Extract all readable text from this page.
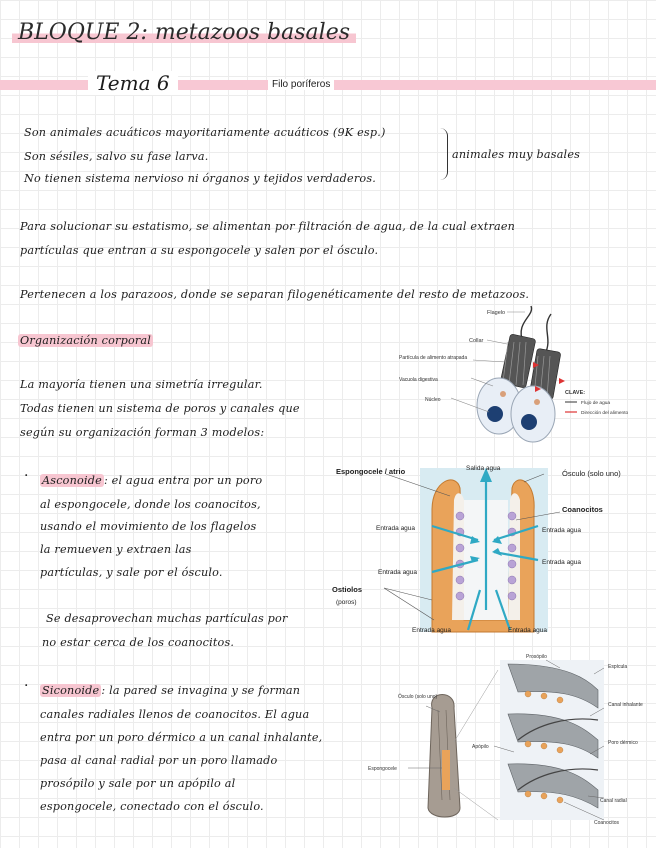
BLOQUE 2: metazoos basales
Tema 6	Filo poríferos
Son animales acuáticos mayoritariamente acuáticos (9K esp.)
Son sésiles, salvo su fase larva.
No tienen sistema nervioso ni órganos y tejidos verdaderos.
animales muy basales
Para solucionar su estatismo, se alimentan por filtración de agua, de la cual extraen
partículas que entran a su espongocele y salen por el ósculo.
Pertenecen a los parazoos, donde se separan filogenéticamente del resto de metazoos.
Organización corporal
La mayoría tienen una simetría irregular.
Todas tienen un sistema de poros y canales que
según su organización forman 3 modelos:
· Asconoide : el agua entra por un poro
al espongocele, donde los coanocitos,
usando el movimiento de los flagelos
la remueven y extraen las
partículas, y sale por el ósculo.
Se desaprovechan muchas partículas por
no estar cerca de los coanocitos.
· Siconoide : la pared se invagina y se forman
canales radiales llenos de coanocitos. El agua
entra por un poro dérmico a un canal inhalante,
pasa al canal radial por un poro llamado
prosópilo y sale por un apópilo al
espongocele, conectado con el ósculo.
Flagelo
Collar
Partícula de alimento atrapada
Vacuola digestiva
Núcleo
CLAVE:
Flujo de agua
Dirección del alimento
Espongocele / atrio	Salida agua
Ósculo (solo uno)
Coanocitos
Entrada agua	Entrada agua
Entrada agua
Entrada agua
Ostiolos
(poros)
Entrada agua	Entrada agua
Ósculo (solo uno)
Espongocele
Prosópilo
Espícula
Canal inhalante
Poro dérmico
Apópilo
Canal radial
Coanocitos
